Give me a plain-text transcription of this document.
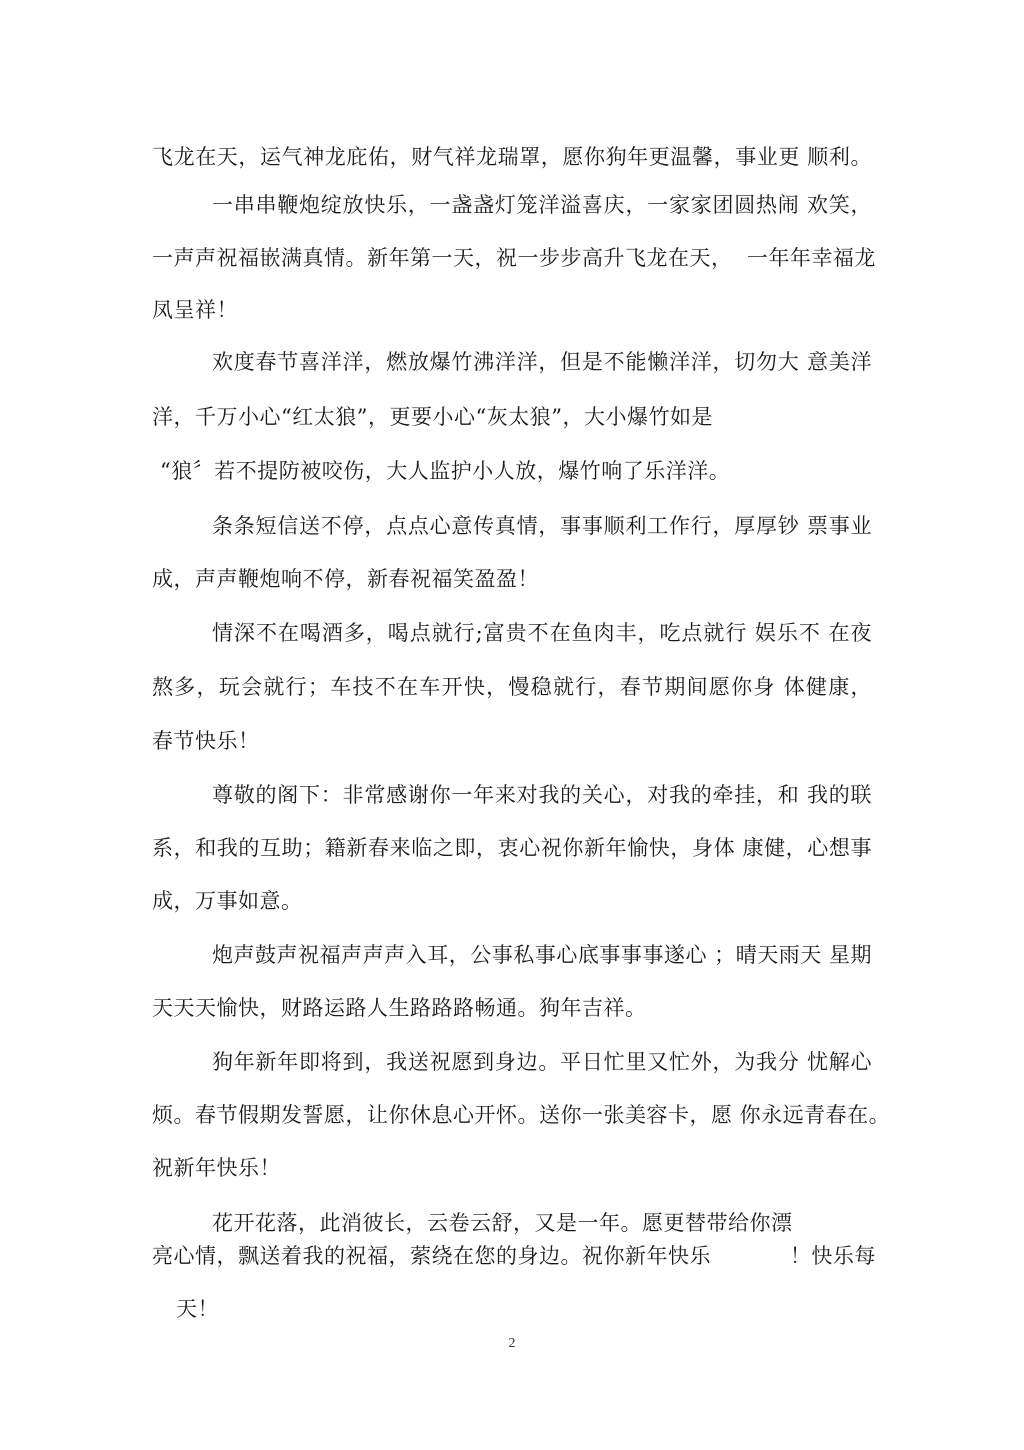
飞龙在天，运气神龙庇佑，财气祥龙瑞罩，愿你狗年更温馨，事业更 顺利。
一串串鞭炮绽放快乐，一盏盏灯笼洋溢喜庆，一家家团圆热闹 欢笑，
一声声祝福嵌满真情。新年第一天，祝一步步高升飞龙在天，  一年年幸福龙
凤呈祥！
欢度春节喜洋洋，燃放爆竹沸洋洋，但是不能懒洋洋，切勿大 意美洋
洋，千万小心“红太狼”，更要小心“灰太狼”，大小爆竹如是
“狼〞若不提防被咬伤，大人监护小人放，爆竹响了乐洋洋。
条条短信送不停，点点心意传真情，事事顺利工作行，厚厚钞 票事业
成，声声鞭炮响不停，新春祝福笑盈盈！
情深不在喝酒多，喝点就行;富贵不在鱼肉丰，吃点就行 娱乐不 在夜
熬多，玩会就行；车技不在车开快，慢稳就行，春节期间愿你身 体健康，
春节快乐！
尊敬的阁下：非常感谢你一年来对我的关心，对我的牵挂，和 我的联
系，和我的互助；籍新春来临之即，衷心祝你新年愉快，身体 康健，心想事
成，万事如意。
炮声鼓声祝福声声声入耳，公事私事心底事事事遂心 ；晴天雨天 星期
天天天愉快，财路运路人生路路路畅通。狗年吉祥。
狗年新年即将到，我送祝愿到身边。平日忙里又忙外，为我分 忧解心
烦。春节假期发誓愿，让你休息心开怀。送你一张美容卡，愿 你永远青春在。
祝新年快乐！
花开花落，此消彼长，云卷云舒，又是一年。愿更替带给你漂
亮心情，飘送着我的祝福，萦绕在您的身边。祝你新年快乐           ！快乐每
天！
2
